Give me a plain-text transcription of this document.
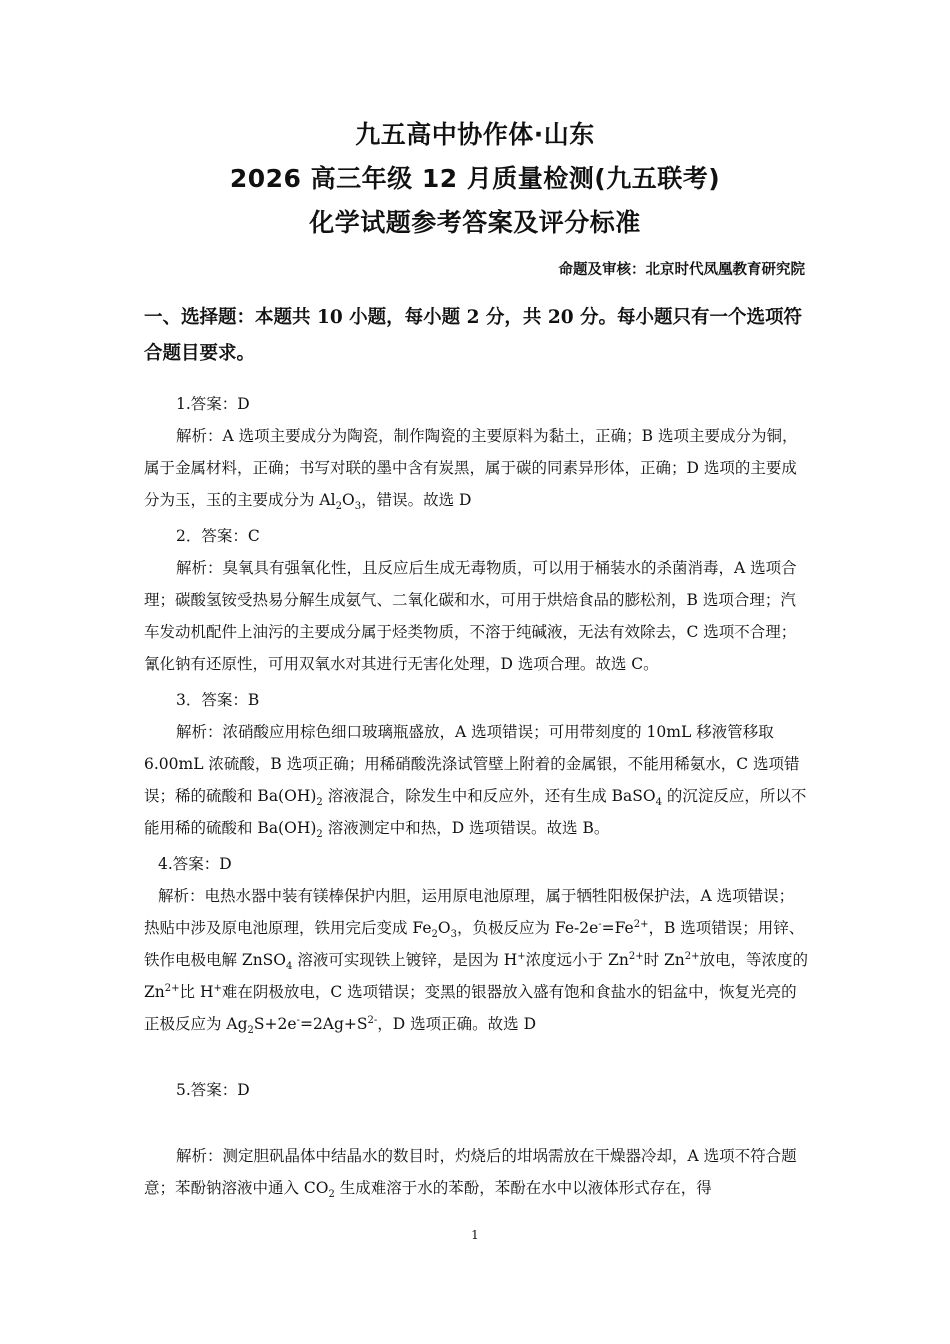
九五高中协作体·山东
2026 高三年级 12 月质量检测(九五联考)
化学试题参考答案及评分标准
命题及审核：北京时代凤凰教育研究院
一、选择题：本题共 10 小题，每小题 2 分，共 20 分。每小题只有一个选项符合题目要求。

1.答案：D

解析：A 选项主要成分为陶瓷，制作陶瓷的主要原料为黏土，正确；B 选项主要成分为铜，属于金属材料，正确；书写对联的墨中含有炭黑，属于碳的同素异形体，正确；D 选项的主要成分为玉，玉的主要成分为 $Al_2O_3$，错误。故选 D

2．答案：C

解析：臭氧具有强氧化性，且反应后生成无毒物质，可以用于桶装水的杀菌消毒，A 选项合理；碳酸氢铵受热易分解生成氨气、二氧化碳和水，可用于烘焙食品的膨松剂，B 选项合理；汽车发动机配件上油污的主要成分属于烃类物质，不溶于纯碱液，无法有效除去，C 选项不合理；氰化钠有还原性，可用双氧水对其进行无害化处理，D 选项合理。故选 C。

3．答案：B

解析：浓硝酸应用棕色细口玻璃瓶盛放，A 选项错误；可用带刻度的 10mL 移液管移取 6.00mL 浓硫酸，B 选项正确；用稀硝酸洗涤试管壁上附着的金属银，不能用稀氨水，C 选项错误；稀的硫酸和 $Ba(OH)_2$ 溶液混合，除发生中和反应外，还有生成 BaSO$_4$ 的沉淀反应，所以不能用稀的硫酸和 $Ba(OH)_2$ 溶液测定中和热，D 选项错误。故选 B。

4.答案：D

解析：电热水器中装有镁棒保护内胆，运用原电池原理，属于牺牲阳极保护法，A 选项错误；热贴中涉及原电池原理，铁用完后变成 $Fe_2O_3$，负极反应为 $Fe-2e^-=Fe^{2+}$，B 选项错误；用锌、铁作电极电解 ZnSO$_4$ 溶液可实现铁上镀锌，是因为 H+浓度远小于 $Zn^{2+}$时 $Zn^{2+}$放电，等浓度的 $Zn^{2+}$比 H+难在阴极放电，C 选项错误；变黑的银器放入盛有饱和食盐水的铝盆中，恢复光亮的正极反应为 $Ag_2S+2e^-=2Ag+S^{2-}$，D 选项正确。故选 D

5.答案：D

解析：测定胆矾晶体中结晶水的数目时，灼烧后的坩埚需放在干燥器冷却，A 选项不符合题意；苯酚钠溶液中通入 $CO_2$ 生成难溶于水的苯酚，苯酚在水中以液体形式存在，得

1
